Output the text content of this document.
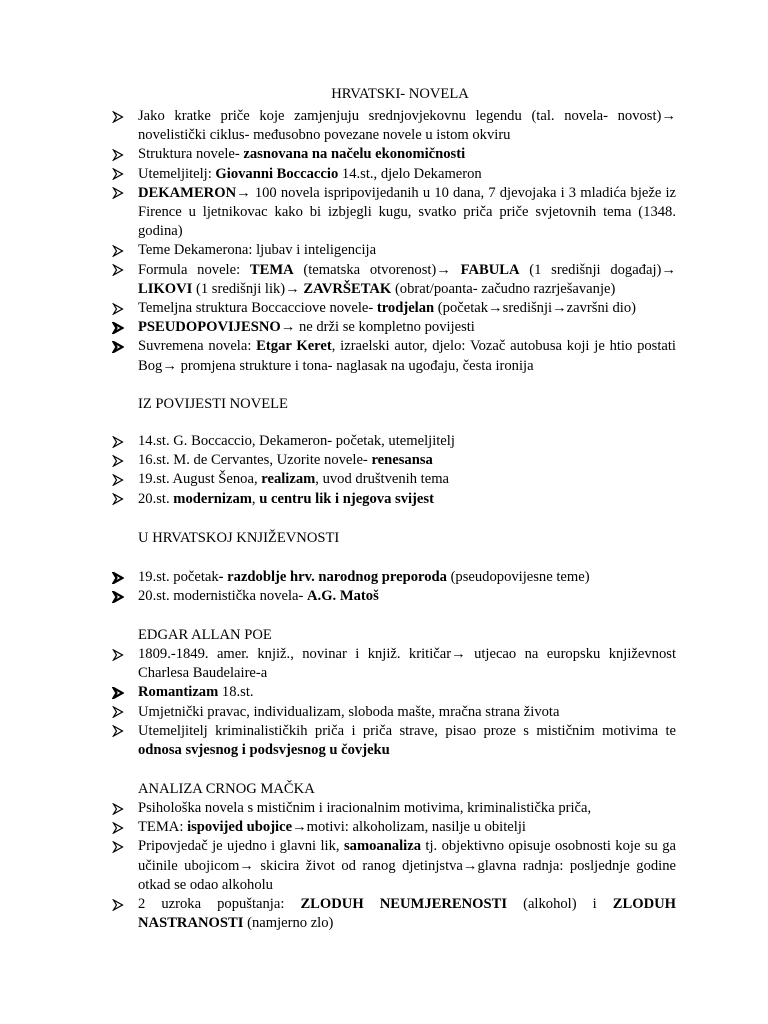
HRVATSKI- NOVELA
Jako kratke priče koje zamjenjuju srednjovjekovnu legendu (tal. novela- novost)→ novelistički ciklus- međusobno povezane novele u istom okviru
Struktura novele- zasnovana na načelu ekonomičnosti
Utemeljitelj: Giovanni Boccaccio 14.st., djelo Dekameron
DEKAMERON→ 100 novela ispripovijedanih u 10 dana, 7 djevojaka i 3 mladića bježe iz Firence u ljetnikovac kako bi izbjegli kugu, svatko priča priče svjetovnih tema (1348. godina)
Teme Dekamerona: ljubav i inteligencija
Formula novele: TEMA (tematska otvorenost)→ FABULA (1 središnji događaj)→ LIKOVI (1 središnji lik)→ ZAVRŠETAK (obrat/poanta- začudno razrješavanje)
Temeljna struktura Boccacciove novele- trodjelan (početak→središnji→završni dio)
PSEUDOPOVIJESNO→ ne drži se kompletno povijesti
Suvremena novela: Etgar Keret, izraelski autor, djelo: Vozač autobusa koji je htio postati Bog→ promjena strukture i tona- naglasak na ugođaju, česta ironija
IZ POVIJESTI NOVELE
14.st. G. Boccaccio, Dekameron- početak, utemeljitelj
16.st. M. de Cervantes, Uzorite novele- renesansa
19.st. August Šenoa, realizam, uvod društvenih tema
20.st. modernizam, u centru lik i njegova svijest
U HRVATSKOJ KNJIŽEVNOSTI
19.st. početak- razdoblje hrv. narodnog preporoda (pseudopovijesne teme)
20.st. modernistička novela- A.G. Matoš
EDGAR ALLAN POE
1809.-1849. amer. knjiž., novinar i knjiž. kritičar→ utjecao na europsku književnost Charlesa Baudelaire-a
Romantizam 18.st.
Umjetnički pravac, individualizam, sloboda mašte, mračna strana života
Utemeljitelj kriminalističkih priča i priča strave, pisao proze s mističnim motivima te odnosa svjesnog i podsvjesnog u čovjeku
ANALIZA CRNOG MAČKA
Psihološka novela s mističnim i iracionalnim motivima, kriminalistička priča,
TEMA: ispovijed ubojice→motivi: alkoholizam, nasilje u obitelji
Pripovjedač je ujedno i glavni lik, samoanaliza tj. objektivno opisuje osobnosti koje su ga učinile ubojicom→ skicira život od ranog djetinjstva→glavna radnja: posljednje godine otkad se odao alkoholu
2 uzroka popuštanja: ZLODUH NEUMJERENOSTI (alkohol) i ZLODUH NASTRANOSTI (namjerno zlo)
